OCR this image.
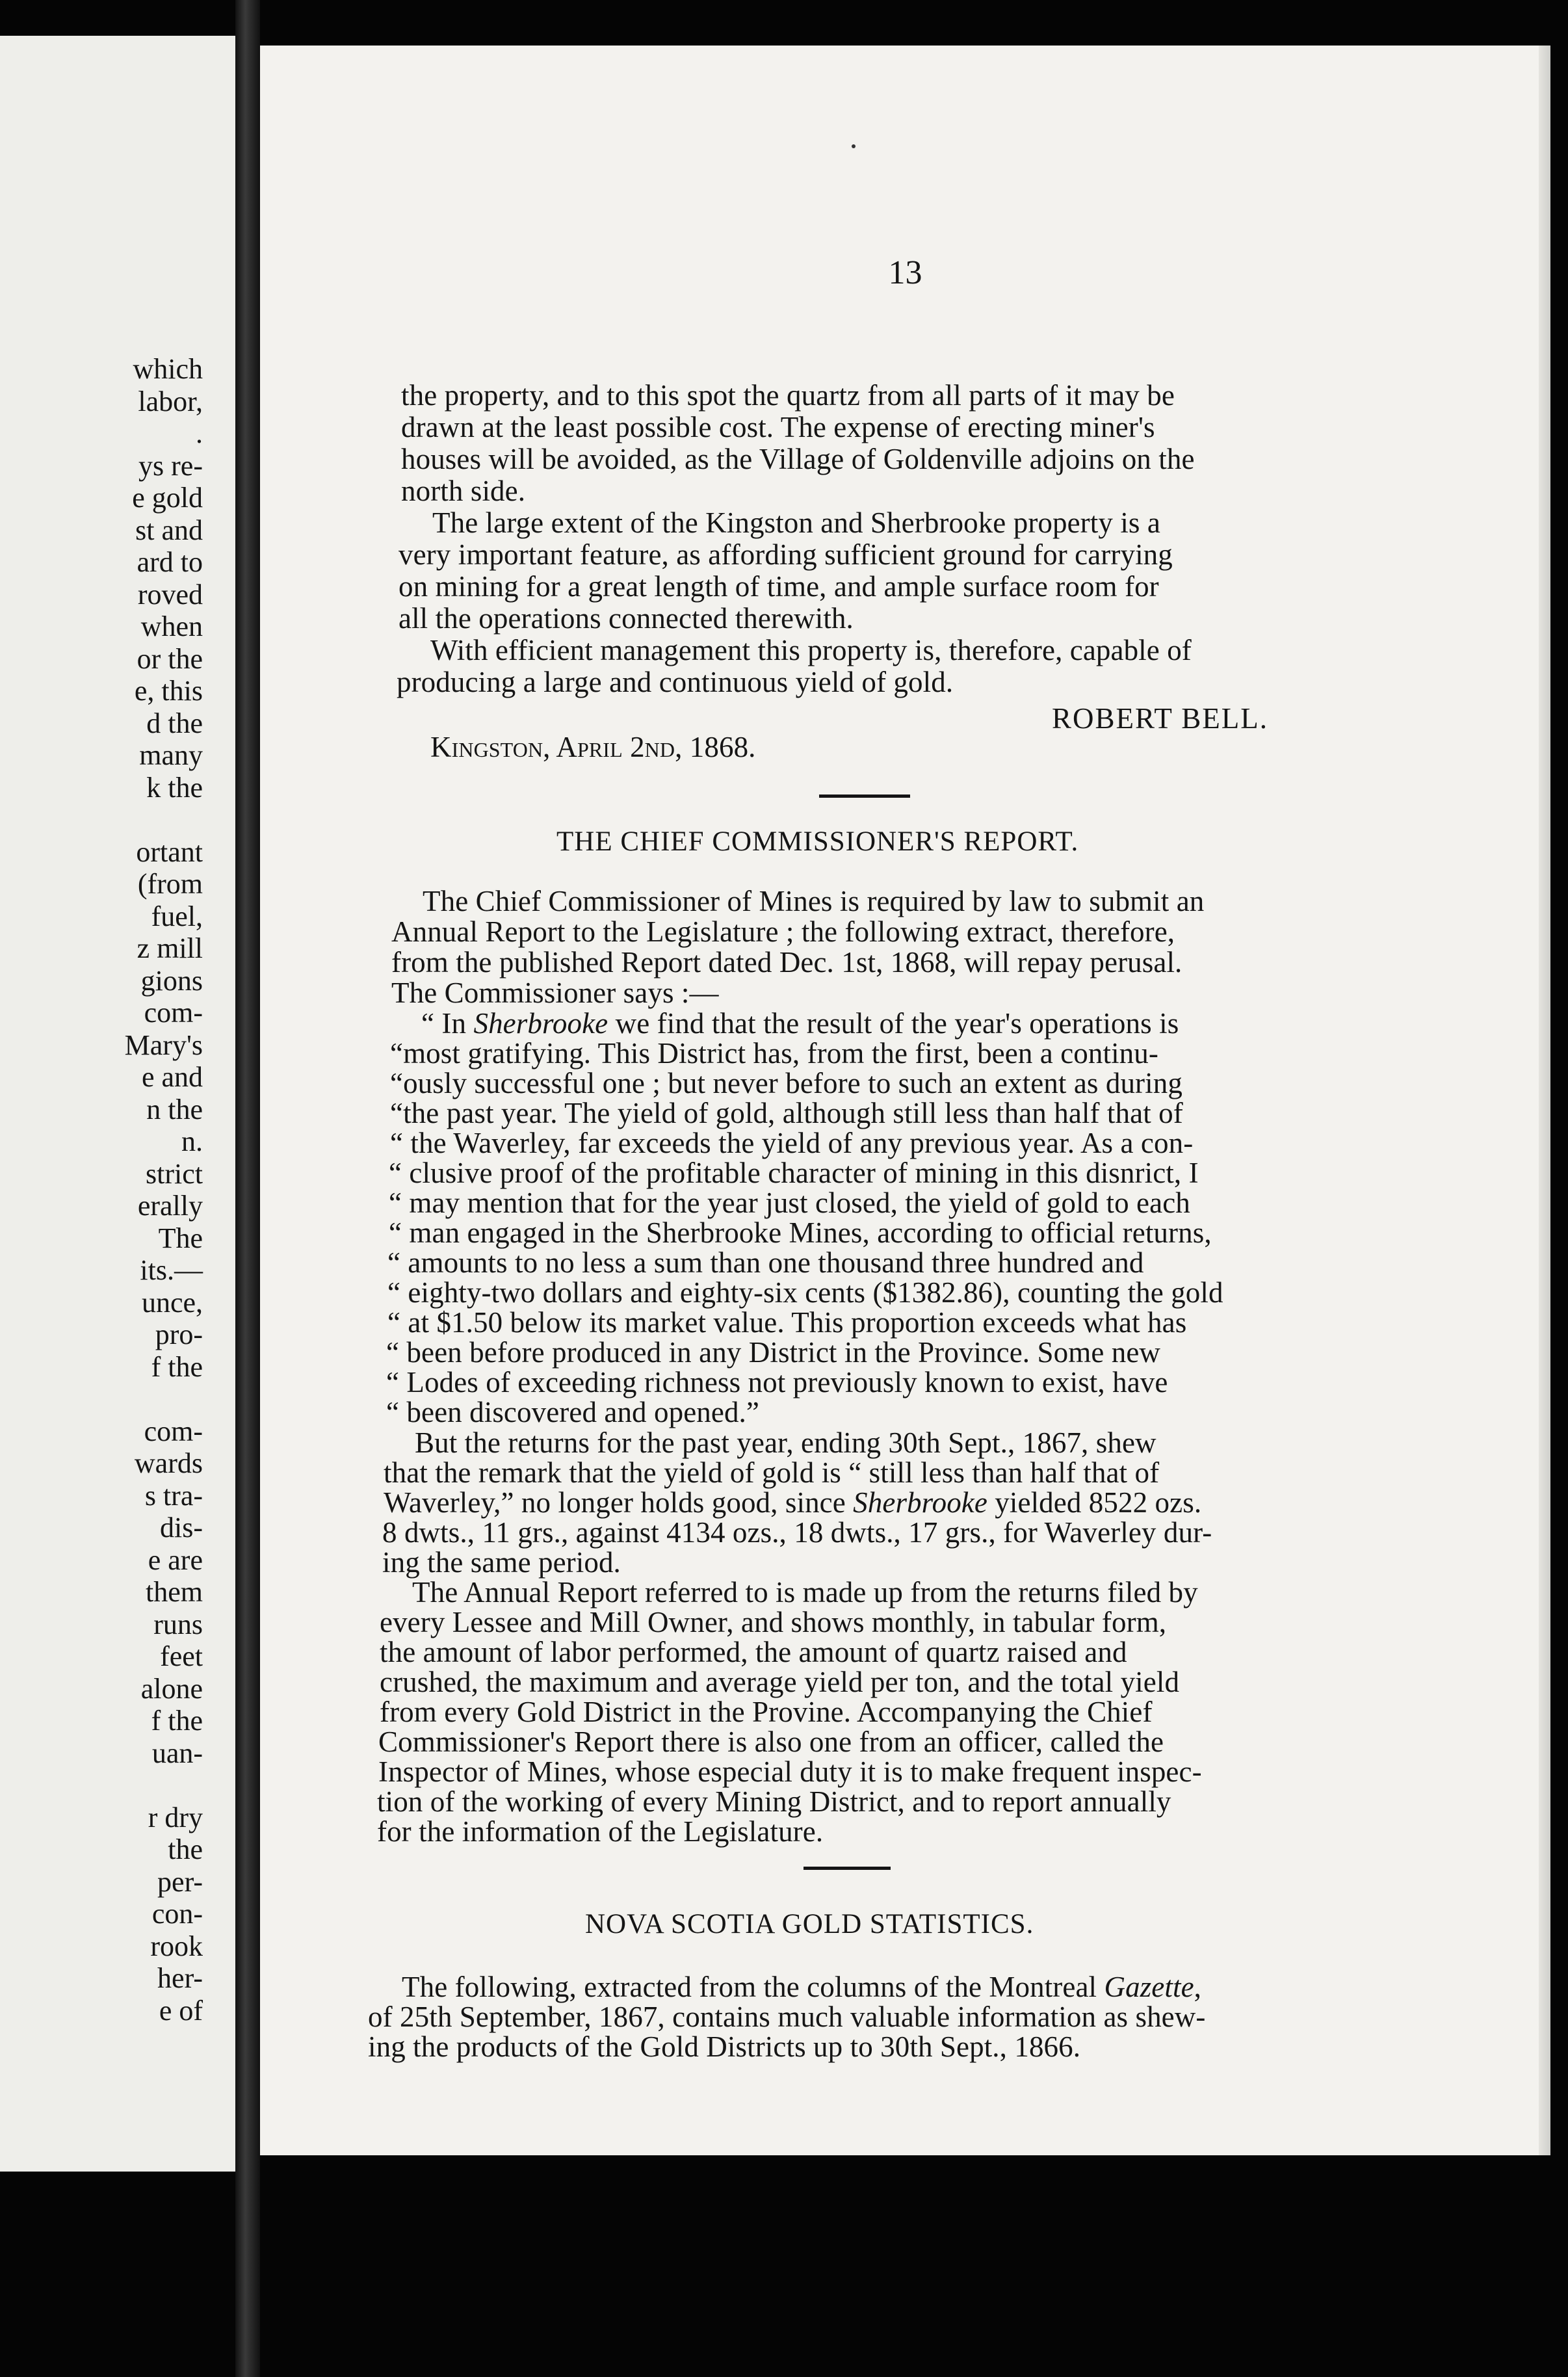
which
labor,
.
ys re-
e gold
st and
ard to
roved
when
or the
e, this
d the
many
k the
ortant
(from
fuel,
z mill
gions
com-
Mary's
e and
n the
n.
strict
erally
The
its.—
unce,
pro-
f the
com-
wards
s tra-
dis-
e are
them
runs
feet
alone
f the
uan-
r dry
the
per-
con-
rook
her-
e of
13
the property, and to this spot the quartz from all parts of it may be
drawn at the least possible cost. The expense of erecting miner's
houses will be avoided, as the Village of Goldenville adjoins on the
north side.
The large extent of the Kingston and Sherbrooke property is a
very important feature, as affording sufficient ground for carrying
on mining for a great length of time, and ample surface room for
all the operations connected therewith.
With efficient management this property is, therefore, capable of
producing a large and continuous yield of gold.
ROBERT BELL.
Kingston, April 2nd, 1868.
THE CHIEF COMMISSIONER'S REPORT.
The Chief Commissioner of Mines is required by law to submit an
Annual Report to the Legislature ; the following extract, therefore,
from the published Report dated Dec. 1st, 1868, will repay perusal.
The Commissioner says :—
“ In Sherbrooke we find that the result of the year's operations is
“most gratifying. This District has, from the first, been a continu-
“ously successful one ; but never before to such an extent as during
“the past year. The yield of gold, although still less than half that of
“ the Waverley, far exceeds the yield of any previous year. As a con-
“ clusive proof of the profitable character of mining in this disnrict, I
“ may mention that for the year just closed, the yield of gold to each
“ man engaged in the Sherbrooke Mines, according to official returns,
“ amounts to no less a sum than one thousand three hundred and
“ eighty-two dollars and eighty-six cents ($1382.86), counting the gold
“ at $1.50 below its market value. This proportion exceeds what has
“ been before produced in any District in the Province. Some new
“ Lodes of exceeding richness not previously known to exist, have
“ been discovered and opened.”
But the returns for the past year, ending 30th Sept., 1867, shew
that the remark that the yield of gold is “ still less than half that of
Waverley,” no longer holds good, since Sherbrooke yielded 8522 ozs.
8 dwts., 11 grs., against 4134 ozs., 18 dwts., 17 grs., for Waverley dur-
ing the same period.
The Annual Report referred to is made up from the returns filed by
every Lessee and Mill Owner, and shows monthly, in tabular form,
the amount of labor performed, the amount of quartz raised and
crushed, the maximum and average yield per ton, and the total yield
from every Gold District in the Provine. Accompanying the Chief
Commissioner's Report there is also one from an officer, called the
Inspector of Mines, whose especial duty it is to make frequent inspec-
tion of the working of every Mining District, and to report annually
for the information of the Legislature.
NOVA SCOTIA GOLD STATISTICS.
The following, extracted from the columns of the Montreal Gazette,
of 25th September, 1867, contains much valuable information as shew-
ing the products of the Gold Districts up to 30th Sept., 1866.
